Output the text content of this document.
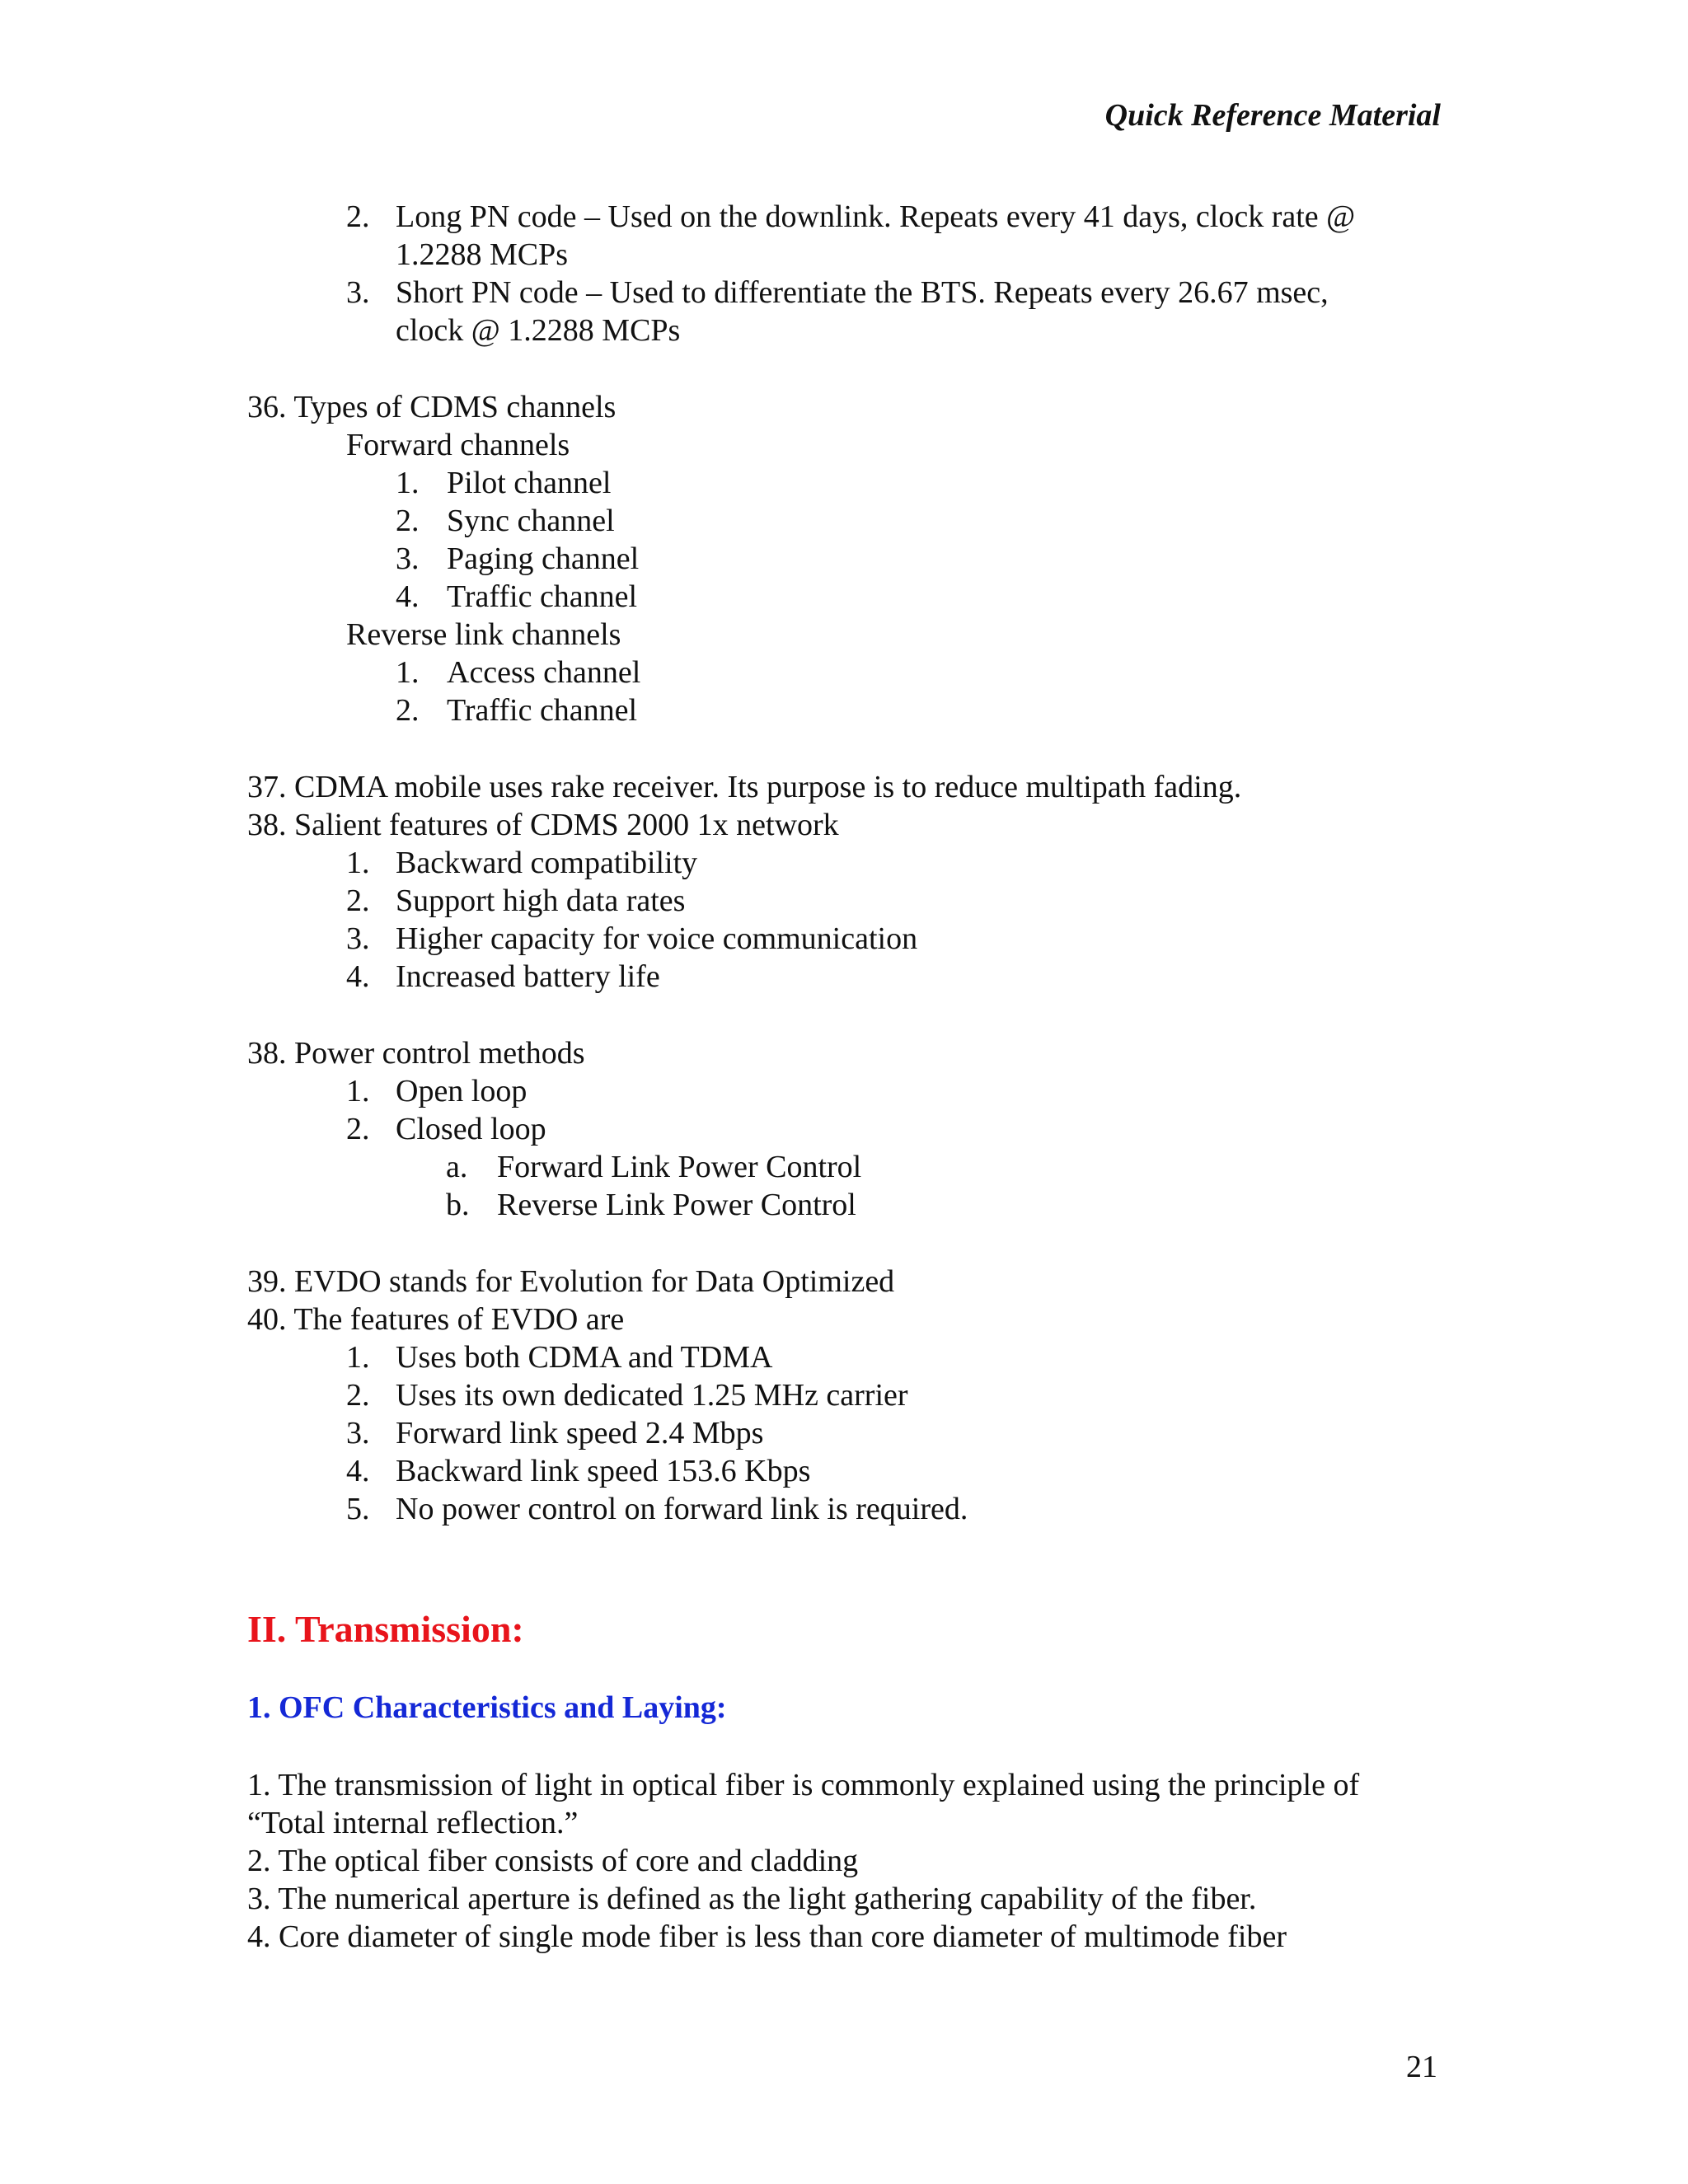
Quick Reference Material
2. Long PN code – Used on the downlink. Repeats every 41 days, clock rate @
1.2288 MCPs
3. Short PN code – Used to differentiate the BTS. Repeats every 26.67 msec,
clock @ 1.2288 MCPs
36. Types of CDMS channels
Forward channels
1. Pilot channel
2. Sync channel
3. Paging channel
4. Traffic channel
Reverse link channels
1. Access channel
2. Traffic channel
37. CDMA mobile uses rake receiver. Its purpose is to reduce multipath fading.
38. Salient features of CDMS 2000 1x network
1. Backward compatibility
2. Support high data rates
3. Higher capacity for voice communication
4. Increased battery life
38. Power control methods
1. Open loop
2. Closed loop
a. Forward Link Power Control
b. Reverse Link Power Control
39. EVDO stands for Evolution for Data Optimized
40. The features of EVDO are
1. Uses both CDMA and TDMA
2. Uses its own dedicated 1.25 MHz carrier
3. Forward link speed 2.4 Mbps
4. Backward link speed 153.6 Kbps
5. No power control on forward link is required.
II. Transmission:
1. OFC Characteristics and Laying:
1. The transmission of light in optical fiber is commonly explained using the principle of
“Total internal reflection.”
2. The optical fiber consists of core and cladding
3. The numerical aperture is defined as the light gathering capability of the fiber.
4. Core diameter of single mode fiber is less than core diameter of multimode fiber
21
